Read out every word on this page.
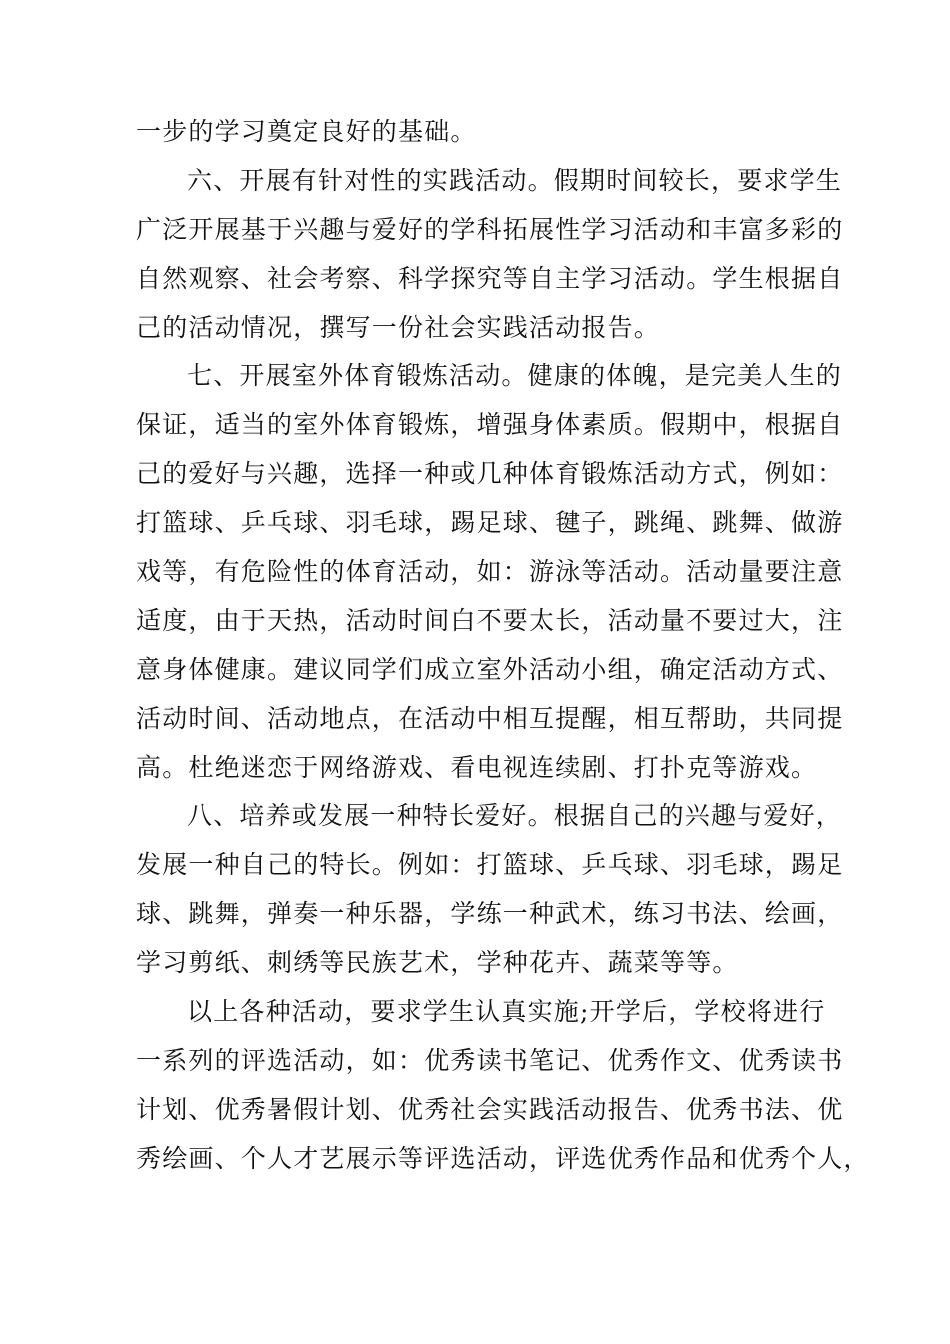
一步的学习奠定良好的基础。
六、开展有针对性的实践活动。假期时间较长，要求学生
广泛开展基于兴趣与爱好的学科拓展性学习活动和丰富多彩的
自然观察、社会考察、科学探究等自主学习活动。学生根据自
己的活动情况，撰写一份社会实践活动报告。
七、开展室外体育锻炼活动。健康的体魄，是完美人生的
保证，适当的室外体育锻炼，增强身体素质。假期中，根据自
己的爱好与兴趣，选择一种或几种体育锻炼活动方式，例如：
打篮球、乒乓球、羽毛球，踢足球、毽子，跳绳、跳舞、做游
戏等，有危险性的体育活动，如：游泳等活动。活动量要注意
适度，由于天热，活动时间白不要太长，活动量不要过大，注
意身体健康。建议同学们成立室外活动小组，确定活动方式、
活动时间、活动地点，在活动中相互提醒，相互帮助，共同提
高。杜绝迷恋于网络游戏、看电视连续剧、打扑克等游戏。
八、培养或发展一种特长爱好。根据自己的兴趣与爱好，
发展一种自己的特长。例如：打篮球、乒乓球、羽毛球，踢足
球、跳舞，弹奏一种乐器，学练一种武术，练习书法、绘画，
学习剪纸、刺绣等民族艺术，学种花卉、蔬菜等等。
以上各种活动，要求学生认真实施;开学后，学校将进行
一系列的评选活动，如：优秀读书笔记、优秀作文、优秀读书
计划、优秀暑假计划、优秀社会实践活动报告、优秀书法、优
秀绘画、个人才艺展示等评选活动，评选优秀作品和优秀个人，
